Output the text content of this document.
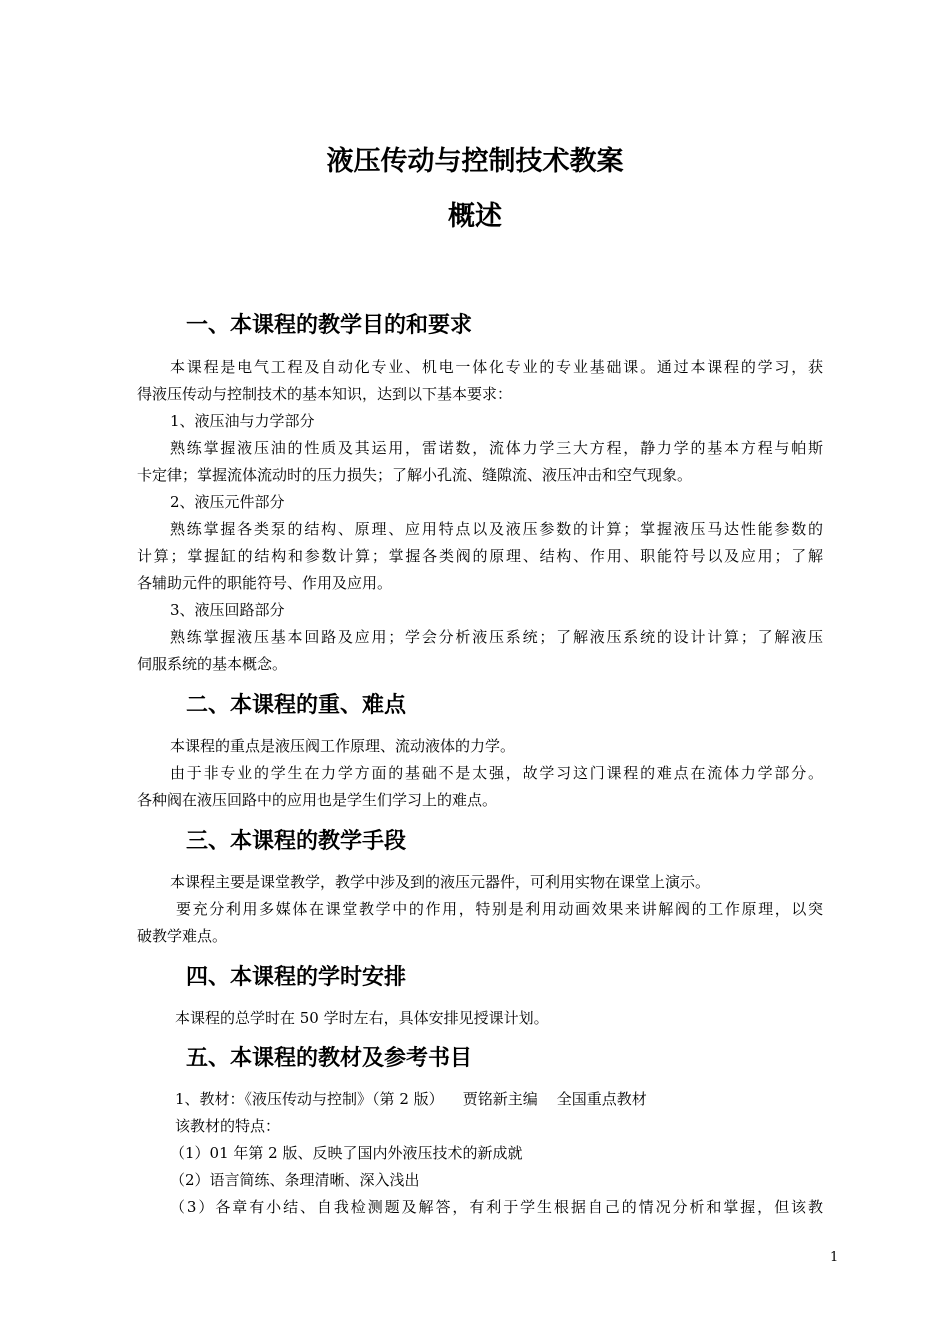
液压传动与控制技术教案
概述
一、本课程的教学目的和要求
本课程是电气工程及自动化专业、机电一体化专业的专业基础课。通过本课程的学习，获
得液压传动与控制技术的基本知识，达到以下基本要求：
1、液压油与力学部分
熟练掌握液压油的性质及其运用，雷诺数，流体力学三大方程，静力学的基本方程与帕斯
卡定律；掌握流体流动时的压力损失；了解小孔流、缝隙流、液压冲击和空气现象。
2、液压元件部分
熟练掌握各类泵的结构、原理、应用特点以及液压参数的计算；掌握液压马达性能参数的
计算；掌握缸的结构和参数计算；掌握各类阀的原理、结构、作用、职能符号以及应用；了解
各辅助元件的职能符号、作用及应用。
3、液压回路部分
熟练掌握液压基本回路及应用；学会分析液压系统；了解液压系统的设计计算；了解液压
伺服系统的基本概念。
二、本课程的重、难点
本课程的重点是液压阀工作原理、流动液体的力学。
由于非专业的学生在力学方面的基础不是太强，故学习这门课程的难点在流体力学部分。
各种阀在液压回路中的应用也是学生们学习上的难点。
三、本课程的教学手段
本课程主要是课堂教学，教学中涉及到的液压元器件，可利用实物在课堂上演示。
要充分利用多媒体在课堂教学中的作用，特别是利用动画效果来讲解阀的工作原理，以突
破教学难点。
四、本课程的学时安排
本课程的总学时在 50 学时左右，具体安排见授课计划。
五、本课程的教材及参考书目
1、教材：《液压传动与控制》（第 2 版）    贾铭新主编    全国重点教材
该教材的特点：
（1）01 年第 2 版、反映了国内外液压技术的新成就
（2）语言简练、条理清晰、深入浅出
（3）各章有小结、自我检测题及解答，有利于学生根据自己的情况分析和掌握，但该教
1
